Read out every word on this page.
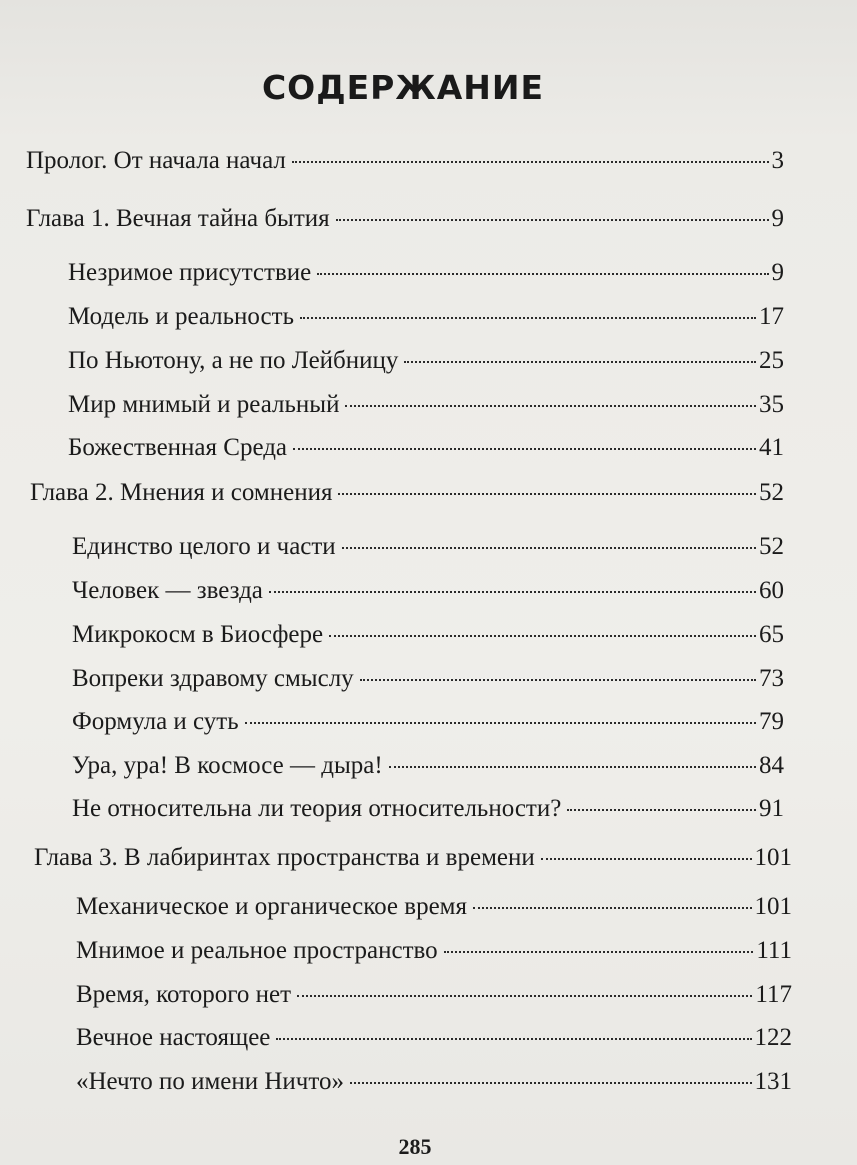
СОДЕРЖАНИЕ
Пролог. От начала начал	3
Глава 1. Вечная тайна бытия	9
Незримое присутствие	9
Модель и реальность	17
По Ньютону, а не по Лейбницу	25
Мир мнимый и реальный	35
Божественная Среда	41
Глава 2. Мнения и сомнения	52
Единство целого и части	52
Человек — звезда	60
Микрокосм в Биосфере	65
Вопреки здравому смыслу	73
Формула и суть	79
Ура, ура! В космосе — дыра!	84
Не относительна ли теория относительности?	91
Глава 3. В лабиринтах пространства и времени	101
Механическое и органическое время	101
Мнимое и реальное пространство	111
Время, которого нет	117
Вечное настоящее	122
«Нечто по имени Ничто»	131
285
